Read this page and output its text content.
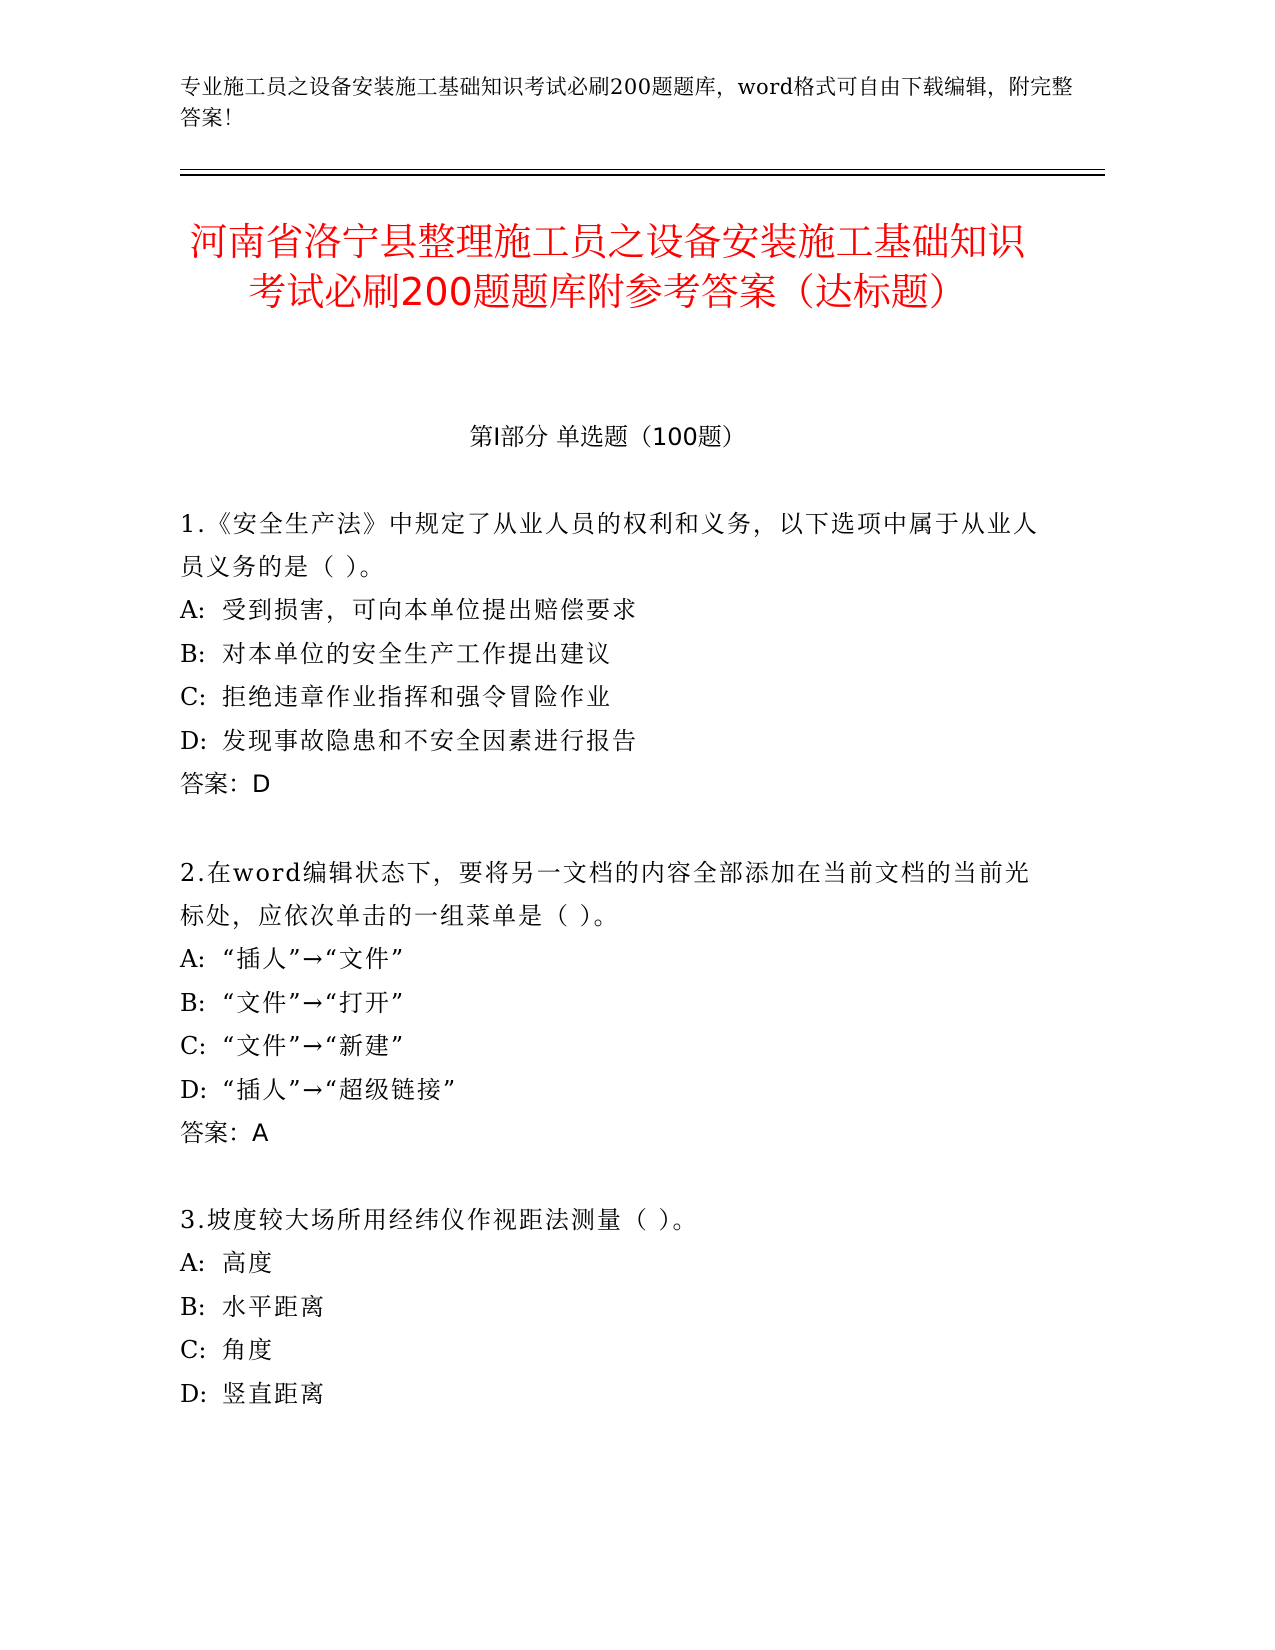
专业施工员之设备安装施工基础知识考试必刷200题题库，word格式可自由下载编辑，附完整答案！
河南省洛宁县整理施工员之设备安装施工基础知识考试必刷200题题库附参考答案（达标题）
第I部分 单选题（100题）

1.《安全生产法》中规定了从业人员的权利和义务，以下选项中属于从业人员义务的是（ ）。

A: 受到损害，可向本单位提出赔偿要求

B: 对本单位的安全生产工作提出建议

C: 拒绝违章作业指挥和强令冒险作业

D: 发现事故隐患和不安全因素进行报告

答案：D

2.在word编辑状态下，要将另一文档的内容全部添加在当前文档的当前光标处，应依次单击的一组菜单是（ ）。

A: “插人”→“文件”

B: “文件”→“打开”

C: “文件”→“新建”

D: “插人”→“超级链接”

答案：A

3.坡度较大场所用经纬仪作视距法测量（ ）。

A: 高度

B: 水平距离

C: 角度

D: 竖直距离
